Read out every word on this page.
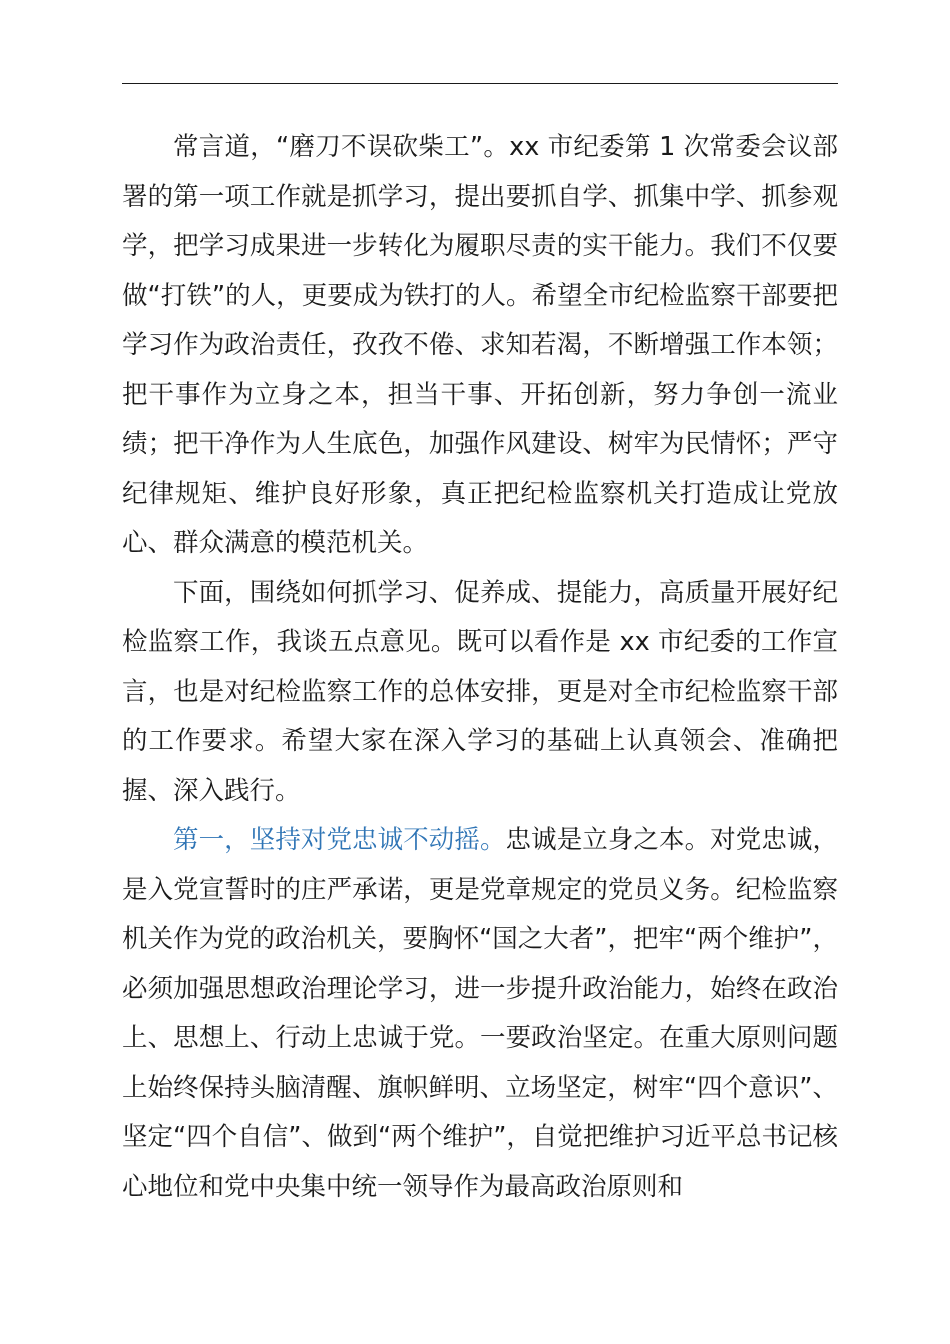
常言道，“磨刀不误砍柴工”。xx 市纪委第 1 次常委会议部署的第一项工作就是抓学习，提出要抓自学、抓集中学、抓参观学，把学习成果进一步转化为履职尽责的实干能力。我们不仅要做“打铁”的人，更要成为铁打的人。希望全市纪检监察干部要把学习作为政治责任，孜孜不倦、求知若渴，不断增强工作本领；把干事作为立身之本，担当干事、开拓创新，努力争创一流业绩；把干净作为人生底色，加强作风建设、树牢为民情怀；严守纪律规矩、维护良好形象，真正把纪检监察机关打造成让党放心、群众满意的模范机关。

下面，围绕如何抓学习、促养成、提能力，高质量开展好纪检监察工作，我谈五点意见。既可以看作是 xx 市纪委的工作宣言，也是对纪检监察工作的总体安排，更是对全市纪检监察干部的工作要求。希望大家在深入学习的基础上认真领会、准确把握、深入践行。

第一，坚持对党忠诚不动摇。忠诚是立身之本。对党忠诚，是入党宣誓时的庄严承诺，更是党章规定的党员义务。纪检监察机关作为党的政治机关，要胸怀“国之大者”，把牢“两个维护”，必须加强思想政治理论学习，进一步提升政治能力，始终在政治上、思想上、行动上忠诚于党。一要政治坚定。在重大原则问题上始终保持头脑清醒、旗帜鲜明、立场坚定，树牢“四个意识”、坚定“四个自信”、做到“两个维护”，自觉把维护习近平总书记核心地位和党中央集中统一领导作为最高政治原则和
